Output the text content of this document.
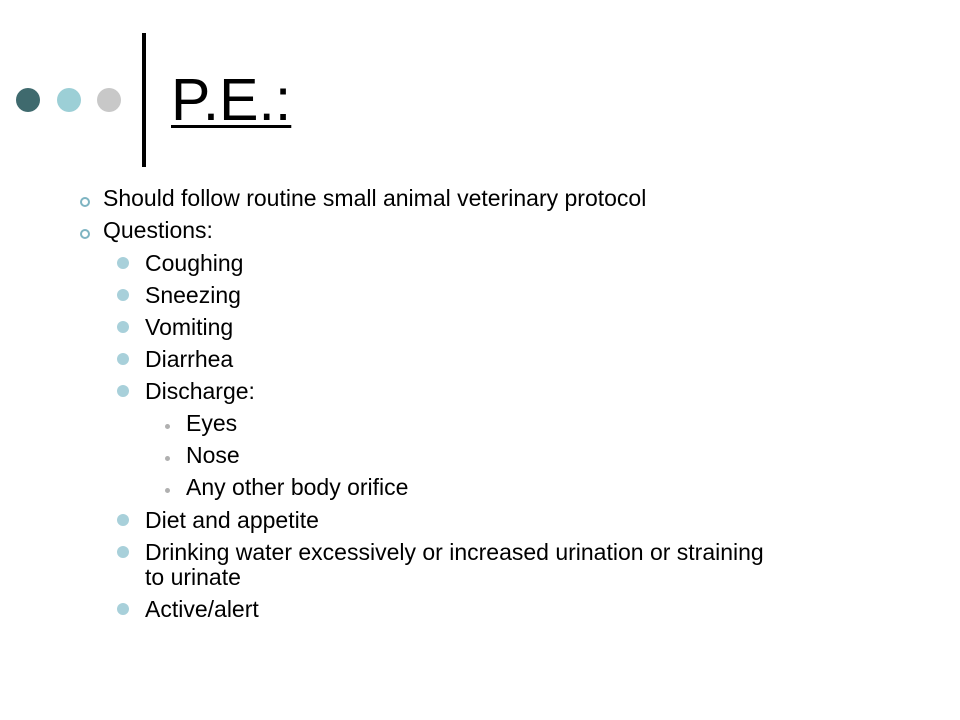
P.E.:
Should follow routine small animal veterinary protocol
Questions:
Coughing
Sneezing
Vomiting
Diarrhea
Discharge:
Eyes
Nose
Any other body orifice
Diet and appetite
Drinking water excessively or increased urination or straining
to urinate
Active/alert
